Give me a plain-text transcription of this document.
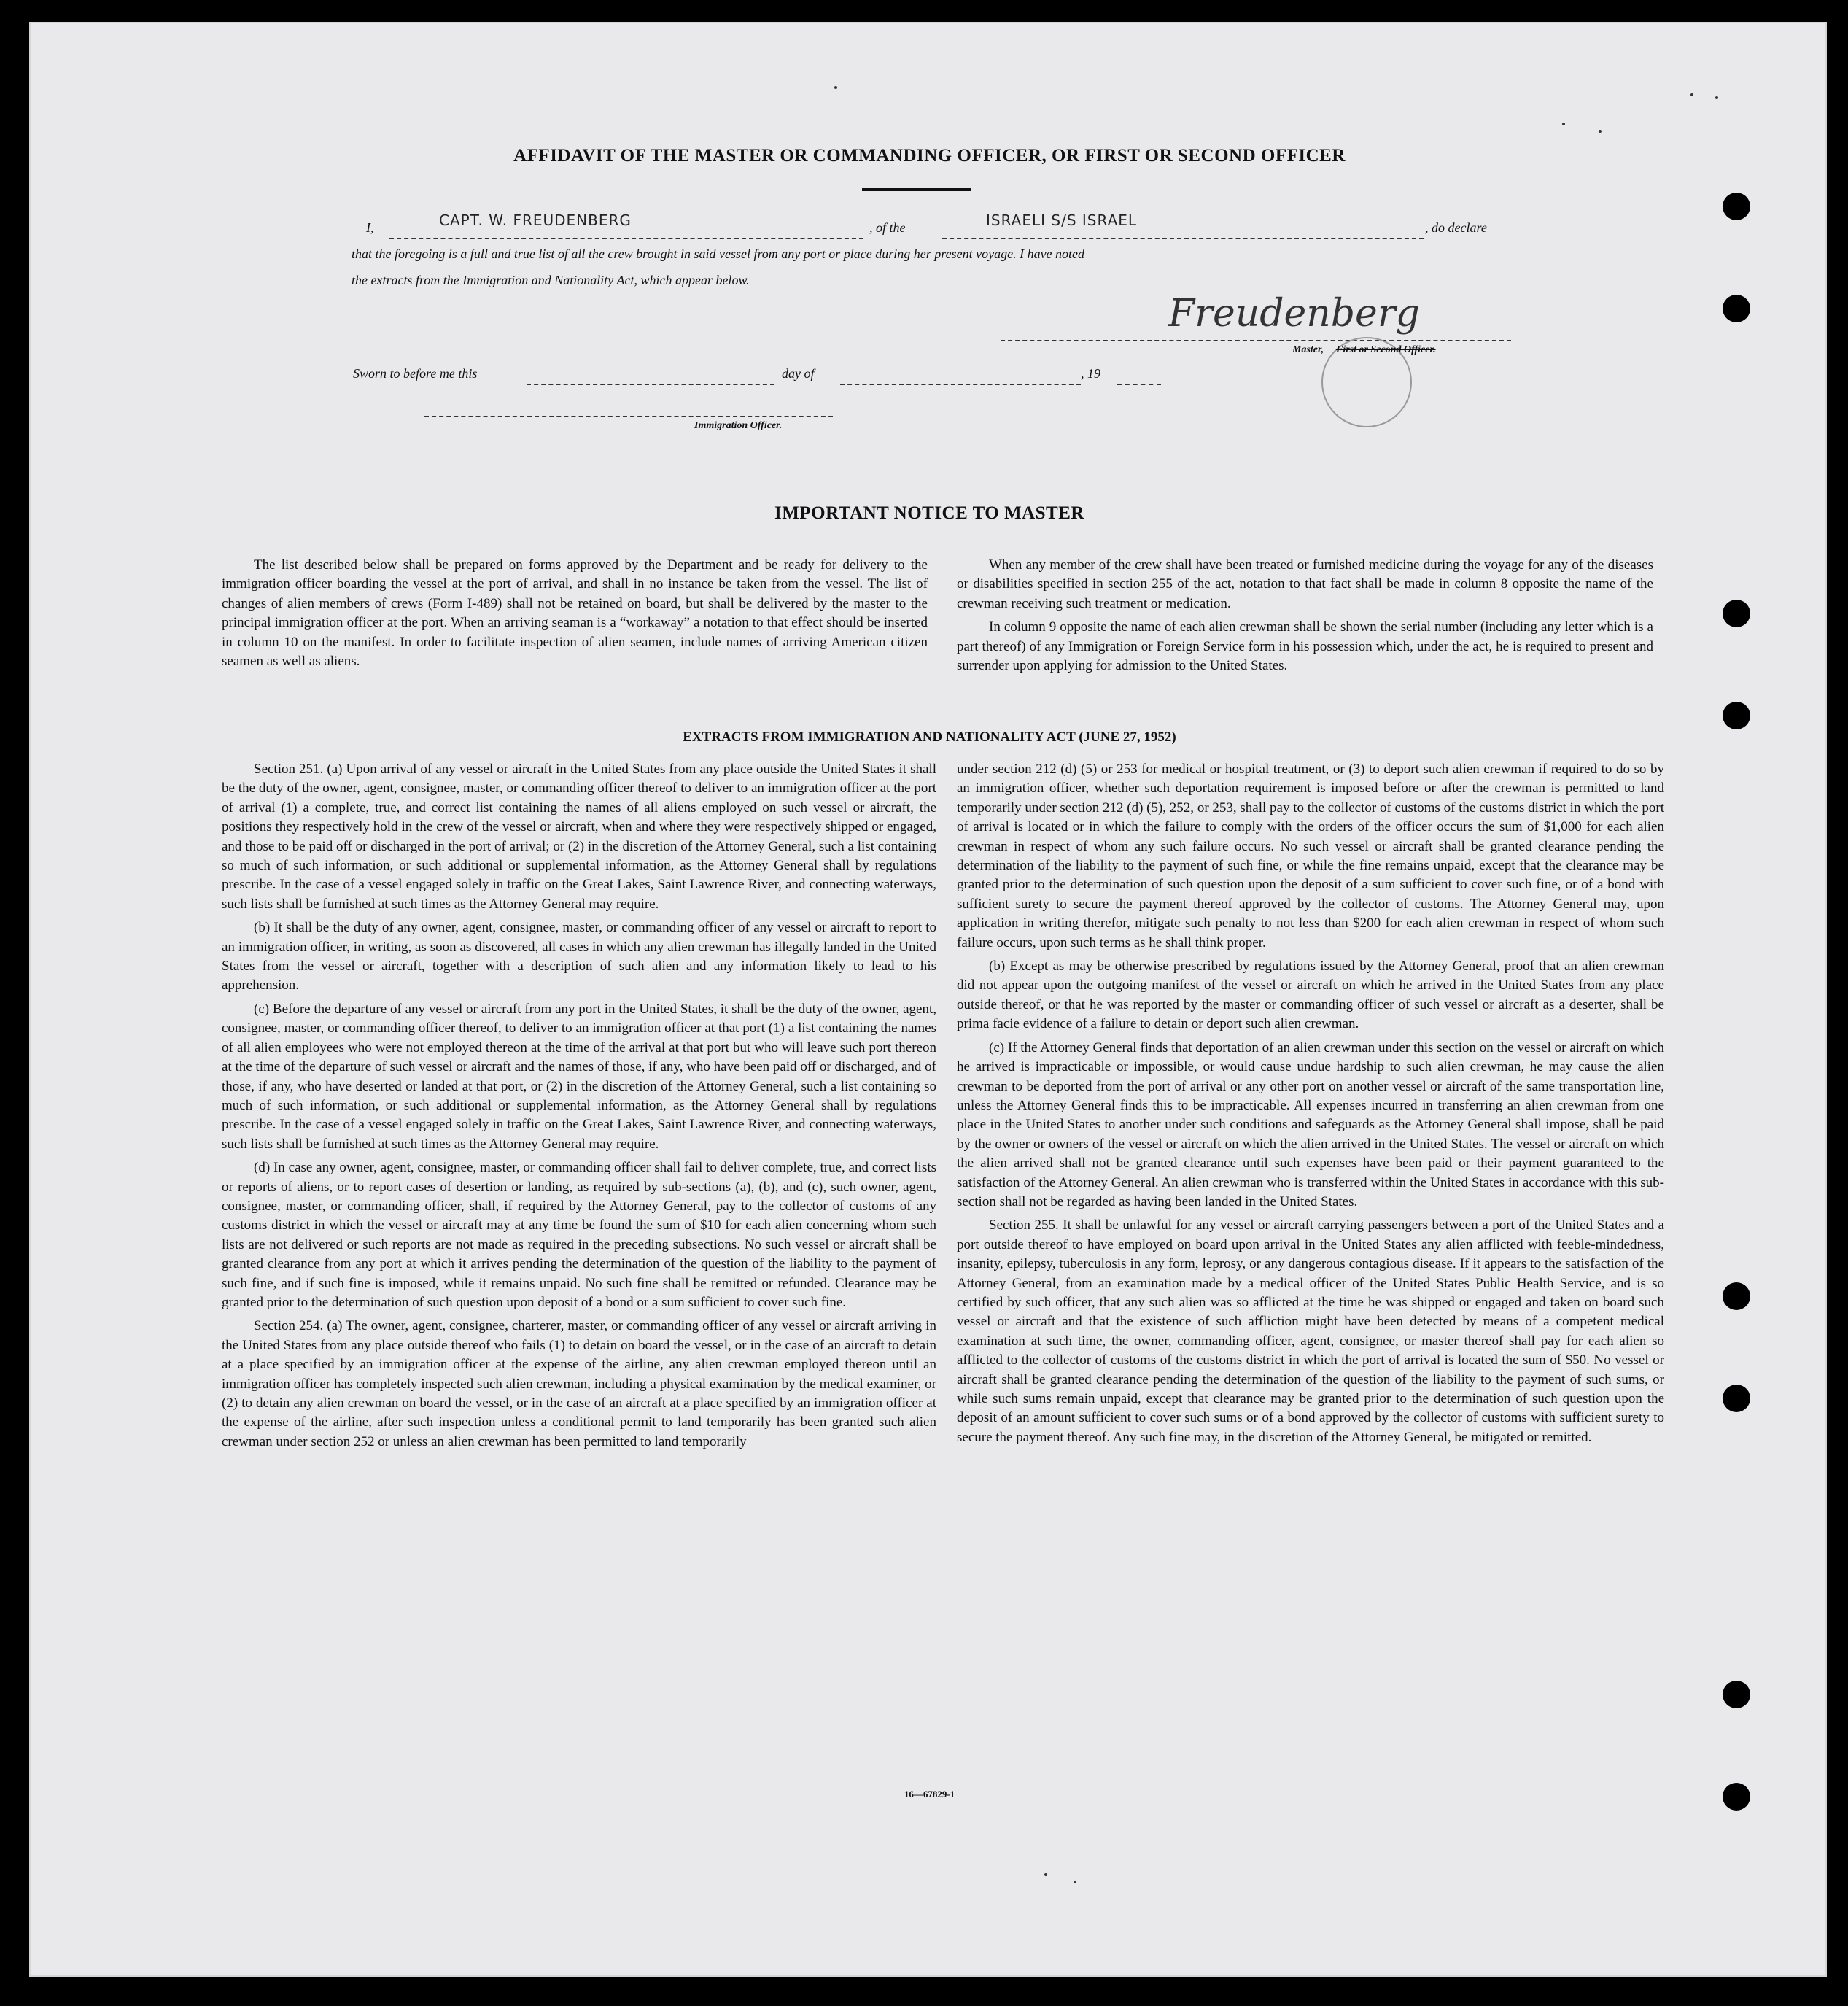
AFFIDAVIT OF THE MASTER OR COMMANDING OFFICER, OR FIRST OR SECOND OFFICER
I,	CAPT. W. FREUDENBERG	, of the	ISRAELI S/S ISRAEL	, do declare
that the foregoing is a full and true list of all the crew brought in said vessel from any port or place during her present voyage. I have noted
the extracts from the Immigration and Nationality Act, which appear below.
Freudenberg
Master, First or Second Officer.
Sworn to before me this	day of	, 19
Immigration Officer.
IMPORTANT NOTICE TO MASTER

The list described below shall be prepared on forms approved by the Department and be ready for delivery to the immigration officer boarding the vessel at the port of arrival, and shall in no instance be taken from the vessel. The list of changes of alien members of crews (Form I-489) shall not be retained on board, but shall be delivered by the master to the principal immigration officer at the port. When an arriving seaman is a “workaway” a notation to that effect should be inserted in column 10 on the manifest. In order to facilitate inspection of alien seamen, include names of arriving American citizen seamen as well as aliens.

When any member of the crew shall have been treated or furnished medicine during the voyage for any of the diseases or disabilities specified in section 255 of the act, notation to that fact shall be made in column 8 opposite the name of the crewman receiving such treatment or medication.

In column 9 opposite the name of each alien crewman shall be shown the serial number (including any letter which is a part thereof) of any Immigration or Foreign Service form in his possession which, under the act, he is required to present and surrender upon applying for admission to the United States.

EXTRACTS FROM IMMIGRATION AND NATIONALITY ACT (JUNE 27, 1952)

Section 251. (a) Upon arrival of any vessel or aircraft in the United States from any place outside the United States it shall be the duty of the owner, agent, consignee, master, or commanding officer thereof to deliver to an immigration officer at the port of arrival (1) a complete, true, and correct list containing the names of all aliens employed on such vessel or aircraft, the positions they respectively hold in the crew of the vessel or aircraft, when and where they were respectively shipped or engaged, and those to be paid off or discharged in the port of arrival; or (2) in the discretion of the Attorney General, such a list containing so much of such information, or such additional or supplemental information, as the Attorney General shall by regulations prescribe. In the case of a vessel engaged solely in traffic on the Great Lakes, Saint Lawrence River, and connecting waterways, such lists shall be furnished at such times as the Attorney General may require.

(b) It shall be the duty of any owner, agent, consignee, master, or commanding officer of any vessel or aircraft to report to an immigration officer, in writing, as soon as discovered, all cases in which any alien crewman has illegally landed in the United States from the vessel or aircraft, together with a description of such alien and any information likely to lead to his apprehension.

(c) Before the departure of any vessel or aircraft from any port in the United States, it shall be the duty of the owner, agent, consignee, master, or commanding officer thereof, to deliver to an immigration officer at that port (1) a list containing the names of all alien employees who were not employed thereon at the time of the arrival at that port but who will leave such port thereon at the time of the departure of such vessel or aircraft and the names of those, if any, who have been paid off or discharged, and of those, if any, who have deserted or landed at that port, or (2) in the discretion of the Attorney General, such a list containing so much of such information, or such additional or supplemental information, as the Attorney General shall by regulations prescribe. In the case of a vessel engaged solely in traffic on the Great Lakes, Saint Lawrence River, and connecting waterways, such lists shall be furnished at such times as the Attorney General may require.

(d) In case any owner, agent, consignee, master, or commanding officer shall fail to deliver complete, true, and correct lists or reports of aliens, or to report cases of desertion or landing, as required by sub-sections (a), (b), and (c), such owner, agent, consignee, master, or commanding officer, shall, if required by the Attorney General, pay to the collector of customs of any customs district in which the vessel or aircraft may at any time be found the sum of $10 for each alien concerning whom such lists are not delivered or such reports are not made as required in the preceding subsections. No such vessel or aircraft shall be granted clearance from any port at which it arrives pending the determination of the question of the liability to the payment of such fine, and if such fine is imposed, while it remains unpaid. No such fine shall be remitted or refunded. Clearance may be granted prior to the determination of such question upon deposit of a bond or a sum sufficient to cover such fine.

Section 254. (a) The owner, agent, consignee, charterer, master, or commanding officer of any vessel or aircraft arriving in the United States from any place outside thereof who fails (1) to detain on board the vessel, or in the case of an aircraft to detain at a place specified by an immigration officer at the expense of the airline, any alien crewman employed thereon until an immigration officer has completely inspected such alien crewman, including a physical examination by the medical examiner, or (2) to detain any alien crewman on board the vessel, or in the case of an aircraft at a place specified by an immigration officer at the expense of the airline, after such inspection unless a conditional permit to land temporarily has been granted such alien crewman under section 252 or unless an alien crewman has been permitted to land temporarily

under section 212 (d) (5) or 253 for medical or hospital treatment, or (3) to deport such alien crewman if required to do so by an immigration officer, whether such deportation requirement is imposed before or after the crewman is permitted to land temporarily under section 212 (d) (5), 252, or 253, shall pay to the collector of customs of the customs district in which the port of arrival is located or in which the failure to comply with the orders of the officer occurs the sum of $1,000 for each alien crewman in respect of whom any such failure occurs. No such vessel or aircraft shall be granted clearance pending the determination of the liability to the payment of such fine, or while the fine remains unpaid, except that the clearance may be granted prior to the determination of such question upon the deposit of a sum sufficient to cover such fine, or of a bond with sufficient surety to secure the payment thereof approved by the collector of customs. The Attorney General may, upon application in writing therefor, mitigate such penalty to not less than $200 for each alien crewman in respect of whom such failure occurs, upon such terms as he shall think proper.

(b) Except as may be otherwise prescribed by regulations issued by the Attorney General, proof that an alien crewman did not appear upon the outgoing manifest of the vessel or aircraft on which he arrived in the United States from any place outside thereof, or that he was reported by the master or commanding officer of such vessel or aircraft as a deserter, shall be prima facie evidence of a failure to detain or deport such alien crewman.

(c) If the Attorney General finds that deportation of an alien crewman under this section on the vessel or aircraft on which he arrived is impracticable or impossible, or would cause undue hardship to such alien crewman, he may cause the alien crewman to be deported from the port of arrival or any other port on another vessel or aircraft of the same transportation line, unless the Attorney General finds this to be impracticable. All expenses incurred in transferring an alien crewman from one place in the United States to another under such conditions and safeguards as the Attorney General shall impose, shall be paid by the owner or owners of the vessel or aircraft on which the alien arrived in the United States. The vessel or aircraft on which the alien arrived shall not be granted clearance until such expenses have been paid or their payment guaranteed to the satisfaction of the Attorney General. An alien crewman who is transferred within the United States in accordance with this sub-section shall not be regarded as having been landed in the United States.

Section 255. It shall be unlawful for any vessel or aircraft carrying passengers between a port of the United States and a port outside thereof to have employed on board upon arrival in the United States any alien afflicted with feeble-mindedness, insanity, epilepsy, tuberculosis in any form, leprosy, or any dangerous contagious disease. If it appears to the satisfaction of the Attorney General, from an examination made by a medical officer of the United States Public Health Service, and is so certified by such officer, that any such alien was so afflicted at the time he was shipped or engaged and taken on board such vessel or aircraft and that the existence of such affliction might have been detected by means of a competent medical examination at such time, the owner, commanding officer, agent, consignee, or master thereof shall pay for each alien so afflicted to the collector of customs of the customs district in which the port of arrival is located the sum of $50. No vessel or aircraft shall be granted clearance pending the determination of the question of the liability to the payment of such sums, or while such sums remain unpaid, except that clearance may be granted prior to the determination of such question upon the deposit of an amount sufficient to cover such sums or of a bond approved by the collector of customs with sufficient surety to secure the payment thereof. Any such fine may, in the discretion of the Attorney General, be mitigated or remitted.

16—67829-1
